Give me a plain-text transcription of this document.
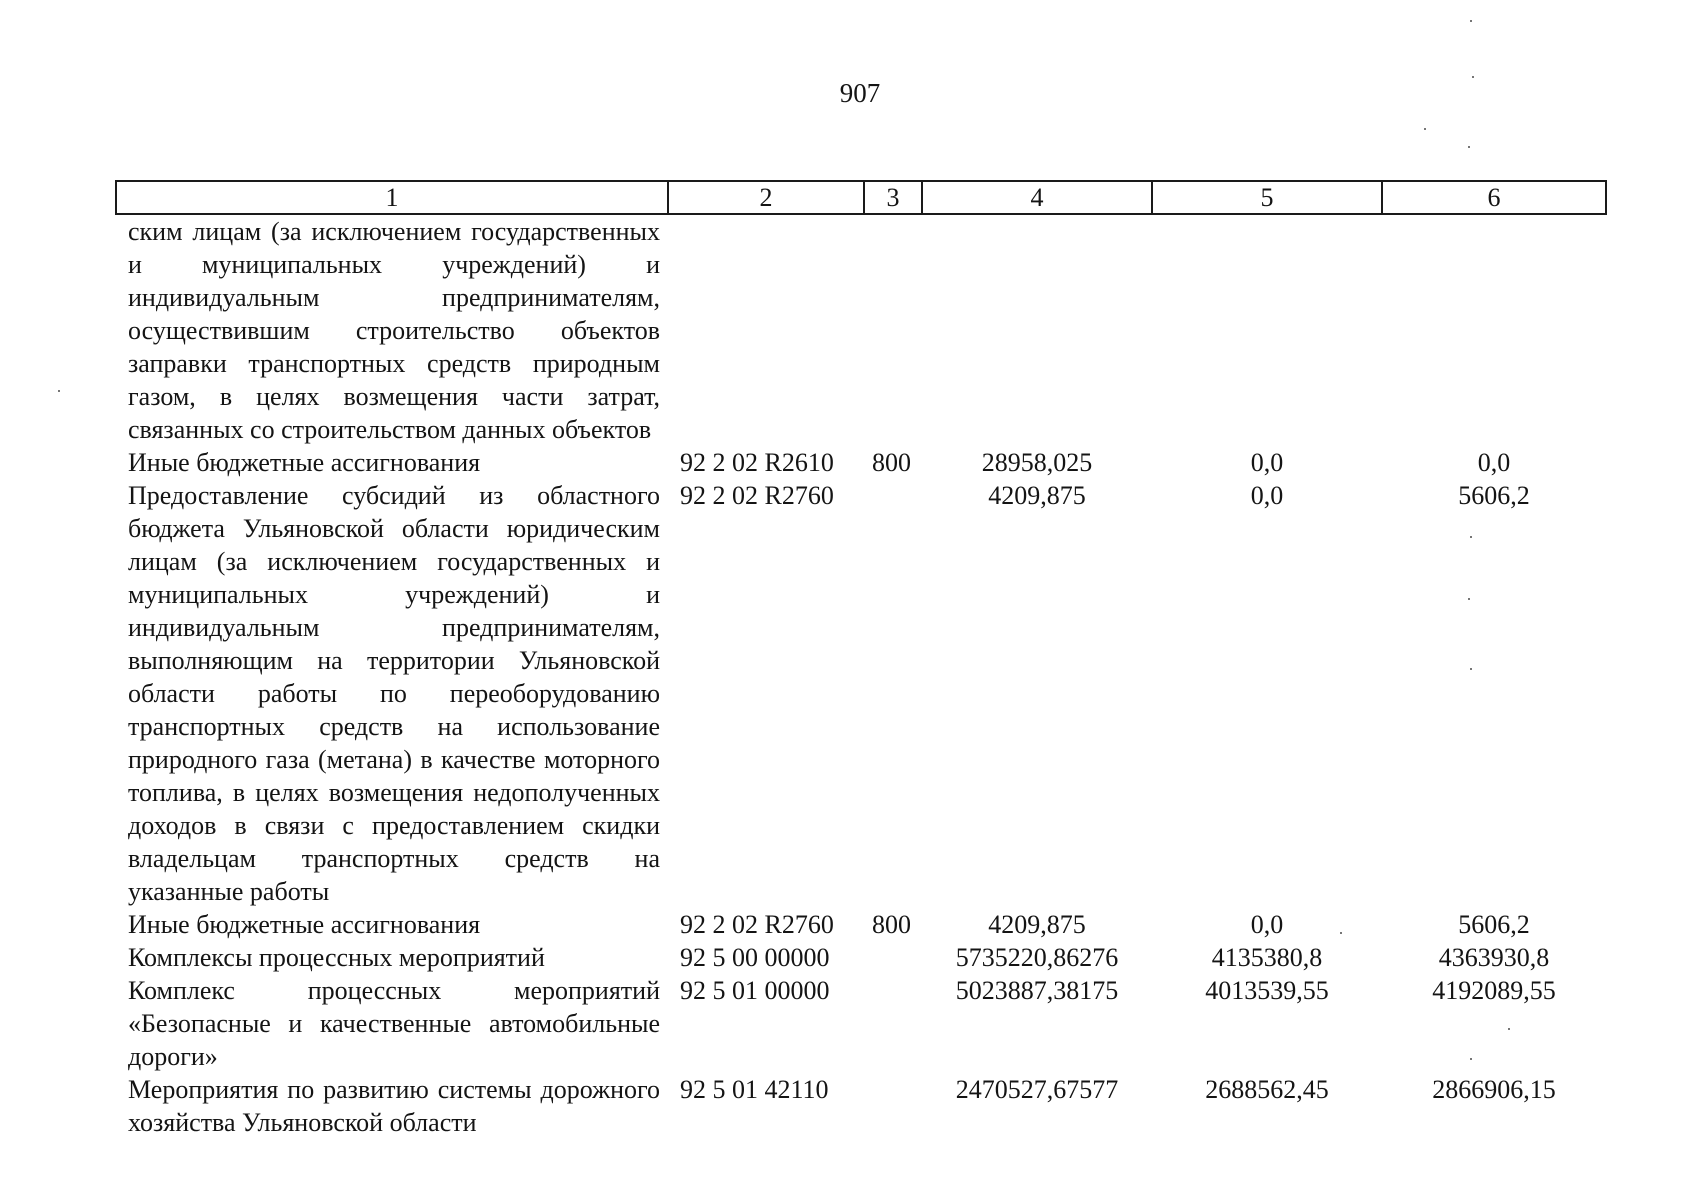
907
1	2	3	4	5	6
ским лицам (за исключением государственных и муниципальных учреждений) и индивидуальным предпринимателям, осуществившим строительство объектов заправки транспортных средств природным газом, в целях возмещения части затрат, связанных со строительством данных объектов					
Иные бюджетные ассигнования	92 2 02 R2610	800	28958,025	0,0	0,0
Предоставление субсидий из областного бюджета Ульяновской области юридическим лицам (за исключением государственных и муниципальных учреждений) и индивидуальным предпринимателям, выполняющим на территории Ульяновской области работы по переоборудованию транспортных средств на использование природного газа (метана) в качестве моторного топлива, в целях возмещения недополученных доходов в связи с предоставлением скидки владельцам транспортных средств на указанные работы	92 2 02 R2760		4209,875	0,0	5606,2
Иные бюджетные ассигнования	92 2 02 R2760	800	4209,875	0,0	5606,2
Комплексы процессных мероприятий	92 5 00 00000		5735220,86276	4135380,8	4363930,8
Комплекс процессных мероприятий «Безопасные и качественные автомобильные дороги»	92 5 01 00000		5023887,38175	4013539,55	4192089,55
Мероприятия по развитию системы дорожного хозяйства Ульяновской области	92 5 01 42110		2470527,67577	2688562,45	2866906,15
